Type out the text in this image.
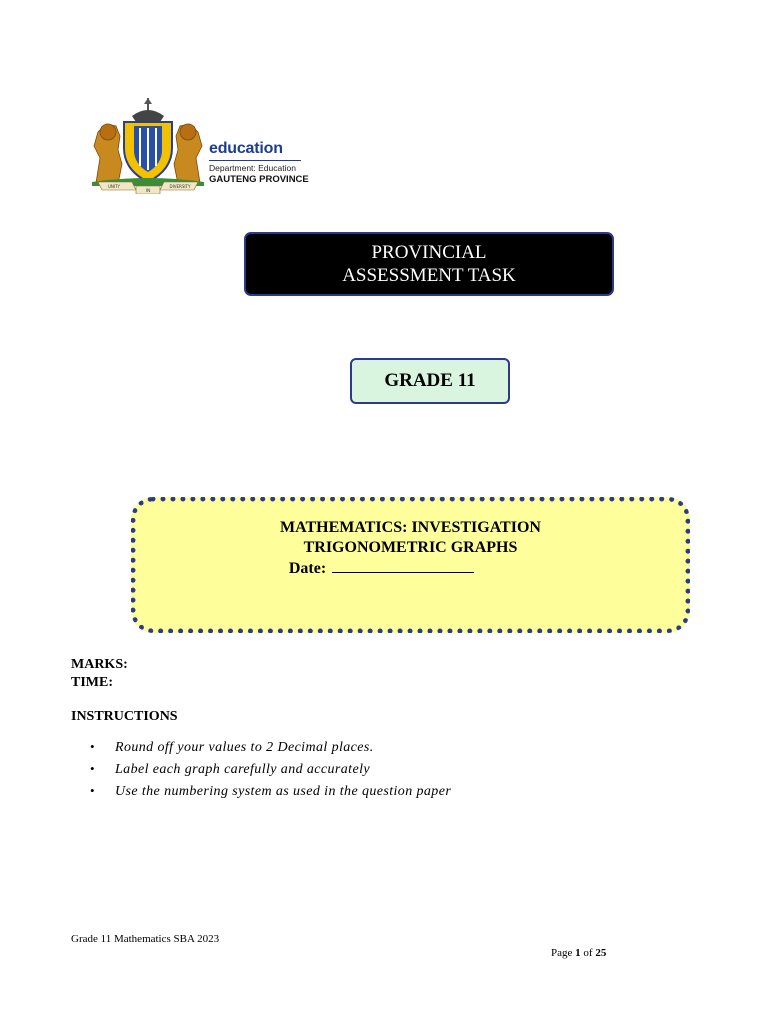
UNITY
IN
DIVERSITY
education
Department: Education
GAUTENG PROVINCE
PROVINCIAL
ASSESSMENT TASK
GRADE 11
MATHEMATICS: INVESTIGATION
TRIGONOMETRIC GRAPHS
Date:
MARKS:
TIME:
INSTRUCTIONS
• Round off your values to 2 Decimal places.
• Label each graph carefully and accurately
• Use the numbering system as used in the question paper
Grade 11 Mathematics SBA 2023
Page 1 of 25
